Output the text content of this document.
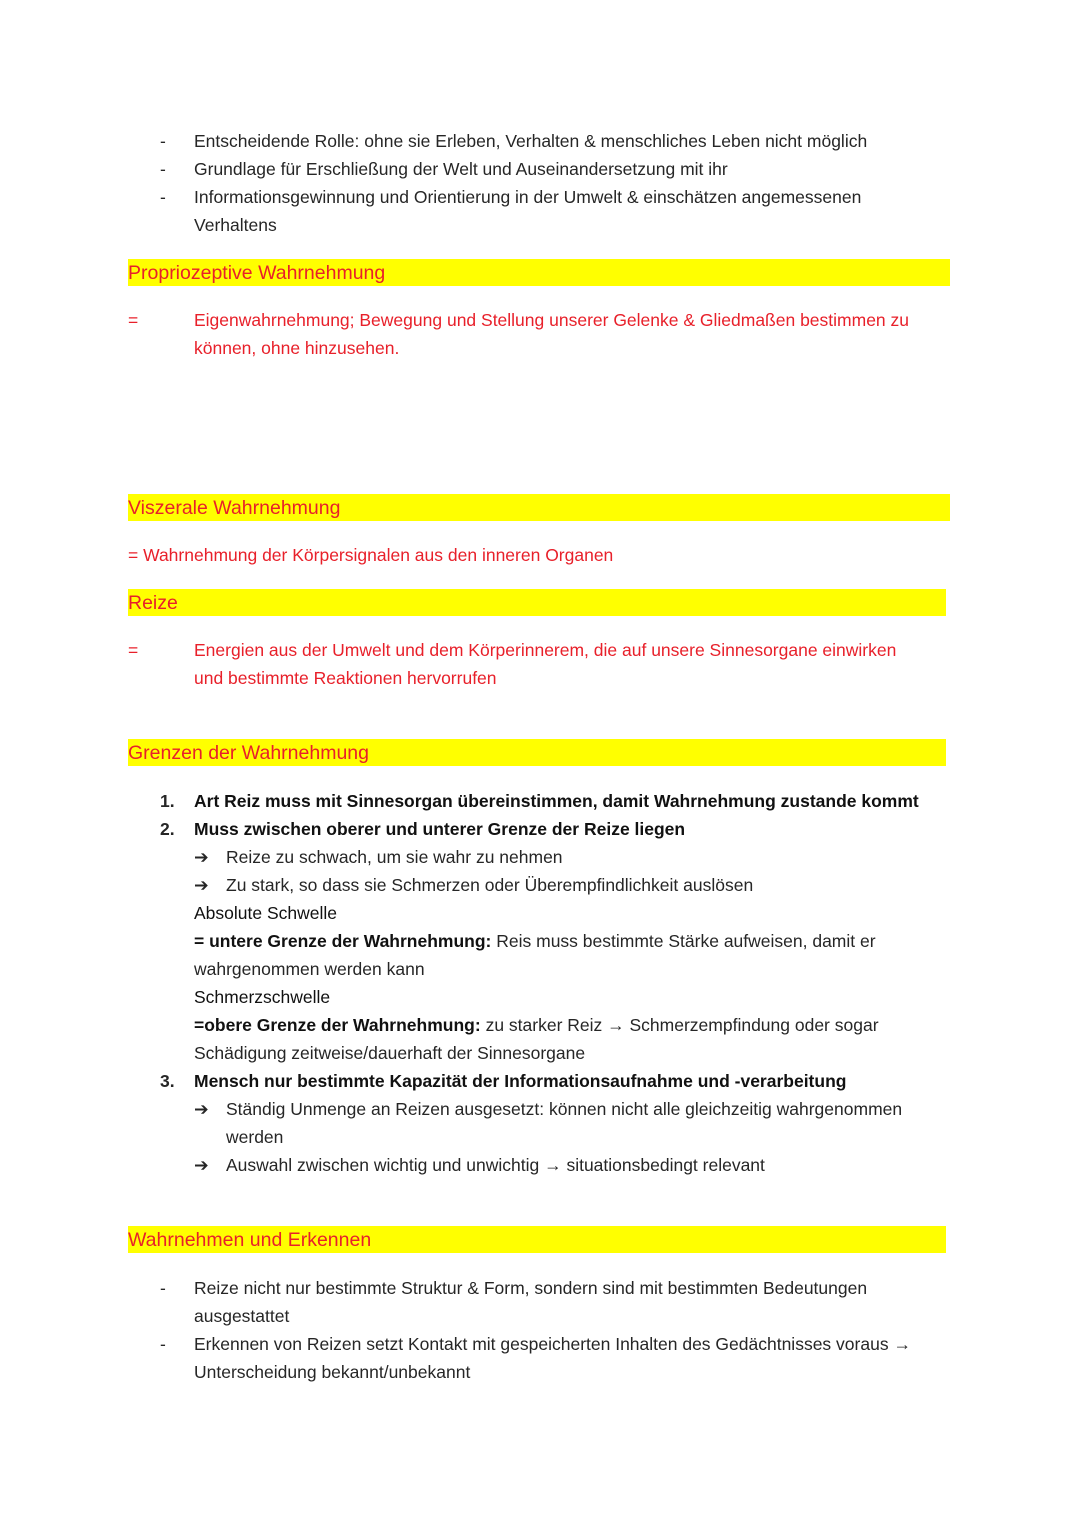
- Entscheidende Rolle: ohne sie Erleben, Verhalten & menschliches Leben nicht möglich
- Grundlage für Erschließung der Welt und Auseinandersetzung mit ihr
- Informationsgewinnung und Orientierung in der Umwelt & einschätzen angemessenen
Verhaltens
Propriozeptive Wahrnehmung
=	Eigenwahrnehmung; Bewegung und Stellung unserer Gelenke & Gliedmaßen bestimmen zu
können, ohne hinzusehen.
Viszerale Wahrnehmung
= Wahrnehmung der Körpersignalen aus den inneren Organen
Reize
=	Energien aus der Umwelt und dem Körperinnerem, die auf unsere Sinnesorgane einwirken
und bestimmte Reaktionen hervorrufen
Grenzen der Wahrnehmung
1. Art Reiz muss mit Sinnesorgan übereinstimmen, damit Wahrnehmung zustande kommt
2. Muss zwischen oberer und unterer Grenze der Reize liegen
➔ Reize zu schwach, um sie wahr zu nehmen
➔ Zu stark, so dass sie Schmerzen oder Überempfindlichkeit auslösen
Absolute Schwelle
= untere Grenze der Wahrnehmung: Reis muss bestimmte Stärke aufweisen, damit er
wahrgenommen werden kann
Schmerzschwelle
=obere Grenze der Wahrnehmung: zu starker Reiz → Schmerzempfindung oder sogar
Schädigung zeitweise/dauerhaft der Sinnesorgane
3. Mensch nur bestimmte Kapazität der Informationsaufnahme und -verarbeitung
➔ Ständig Unmenge an Reizen ausgesetzt: können nicht alle gleichzeitig wahrgenommen
werden
➔ Auswahl zwischen wichtig und unwichtig → situationsbedingt relevant
Wahrnehmen und Erkennen
- Reize nicht nur bestimmte Struktur & Form, sondern sind mit bestimmten Bedeutungen
ausgestattet
- Erkennen von Reizen setzt Kontakt mit gespeicherten Inhalten des Gedächtnisses voraus →
Unterscheidung bekannt/unbekannt
